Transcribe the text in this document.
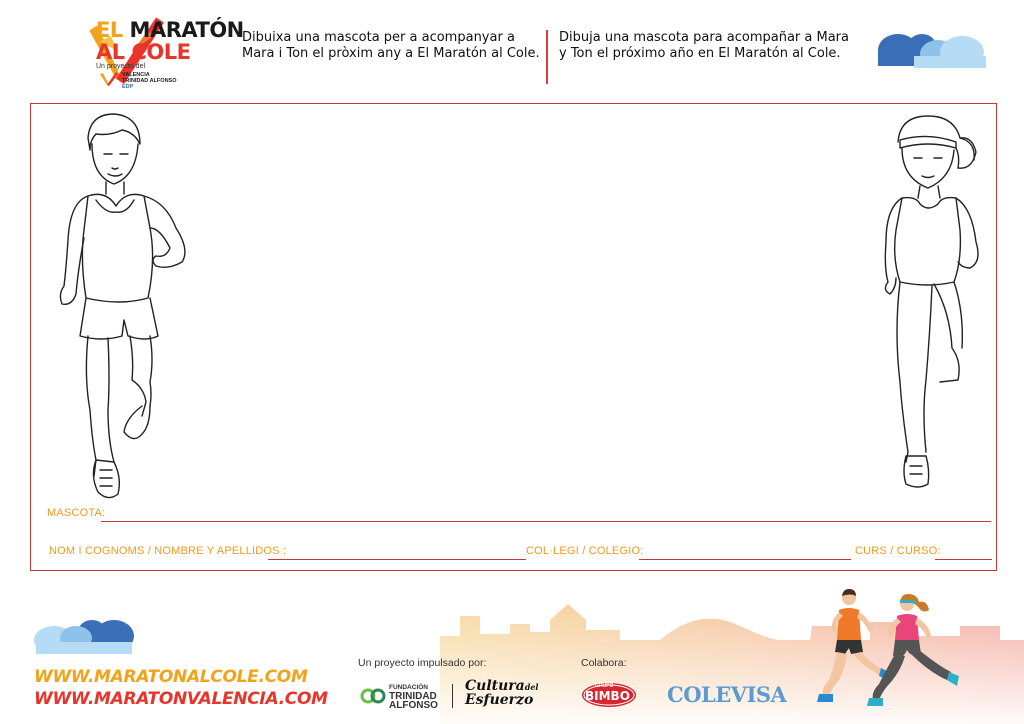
EL MARATÓN
AL COLE
Un proyecto del
VALENCIA
TRINIDAD ALFONSO
EDP
Dibuixa una mascota per a acompanyar a Mara i Ton el pròxim any a El Maratón al Cole.
Dibuja una mascota para acompañar a Mara y Ton el próximo año en El Maratón al Cole.
MASCOTA:
NOM I COGNOMS / NOMBRE Y APELLIDOS :	COL·LEGI / COLEGIO:	CURS / CURSO:
WWW.MARATONALCOLE.COM
WWW.MARATONVALENCIA.COM
Un proyecto impulsado por:	Colabora:
FUNDACIÓN
TRINIDAD
ALFONSO
Culturadel
Esfuerzo
GRUPO
BIMBO COLEVISA
